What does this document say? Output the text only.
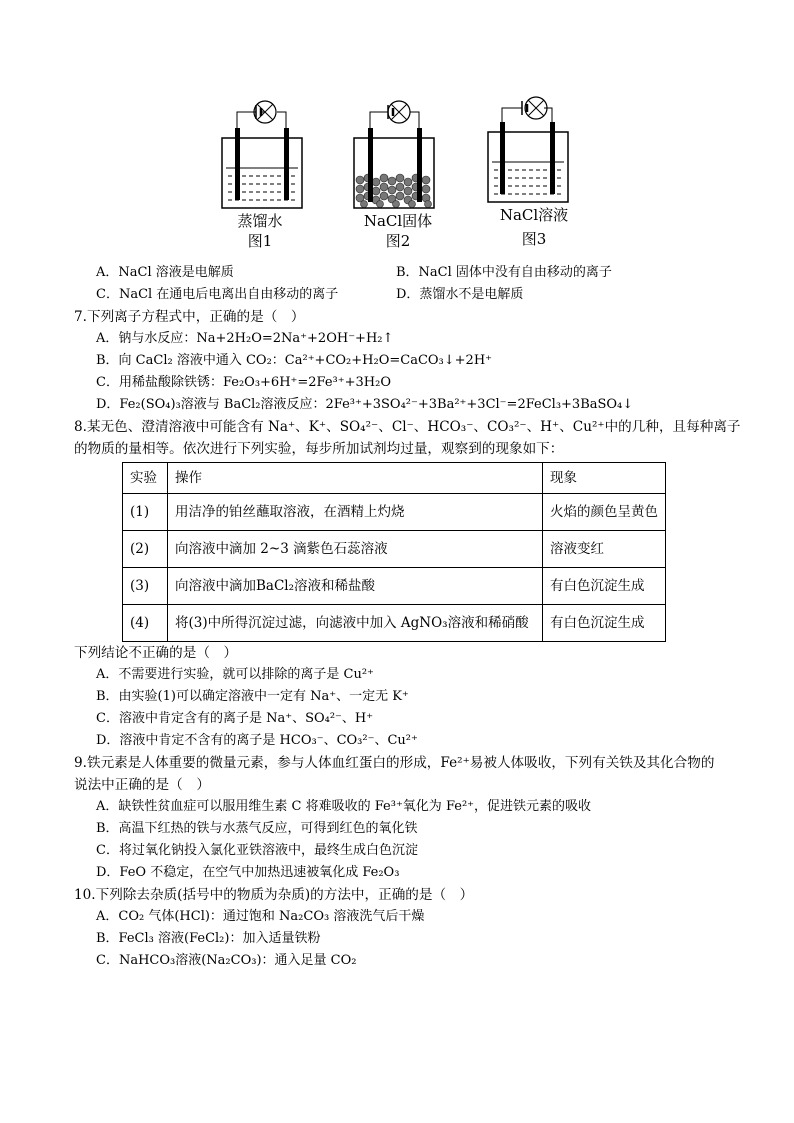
蒸馏水
图1
NaCl固体
图2
NaCl溶液
图3
A．NaCl 溶液是电解质	B．NaCl 固体中没有自由移动的离子
C．NaCl 在通电后电离出自由移动的离子	D．蒸馏水不是电解质
7.下列离子方程式中，正确的是（　）
A．钠与水反应：Na+2H₂O=2Na⁺+2OH⁻+H₂↑
B．向 CaCl₂ 溶液中通入 CO₂：Ca²⁺+CO₂+H₂O=CaCO₃↓+2H⁺
C．用稀盐酸除铁锈：Fe₂O₃+6H⁺=2Fe³⁺+3H₂O
D．Fe₂(SO₄)₃溶液与 BaCl₂溶液反应：2Fe³⁺+3SO₄²⁻+3Ba²⁺+3Cl⁻=2FeCl₃+3BaSO₄↓
8.某无色、澄清溶液中可能含有 Na⁺、K⁺、SO₄²⁻、Cl⁻、HCO₃⁻、CO₃²⁻、H⁺、Cu²⁺中的几种，且每种离子
的物质的量相等。依次进行下列实验，每步所加试剂均过量，观察到的现象如下：
实验	操作	现象
(1)	用洁净的铂丝蘸取溶液，在酒精上灼烧	火焰的颜色呈黄色
(2)	向溶液中滴加 2~3 滴紫色石蕊溶液	溶液变红
(3)	向溶液中滴加BaCl₂溶液和稀盐酸	有白色沉淀生成
(4)	将(3)中所得沉淀过滤，向滤液中加入 AgNO₃溶液和稀硝酸	有白色沉淀生成
下列结论不正确的是（　）
A．不需要进行实验，就可以排除的离子是 Cu²⁺
B．由实验(1)可以确定溶液中一定有 Na⁺、一定无 K⁺
C．溶液中肯定含有的离子是 Na⁺、SO₄²⁻、H⁺
D．溶液中肯定不含有的离子是 HCO₃⁻、CO₃²⁻、Cu²⁺
9.铁元素是人体重要的微量元素，参与人体血红蛋白的形成，Fe²⁺易被人体吸收，下列有关铁及其化合物的
说法中正确的是（　）
A．缺铁性贫血症可以服用维生素 C 将难吸收的 Fe³⁺氧化为 Fe²⁺，促进铁元素的吸收
B．高温下红热的铁与水蒸气反应，可得到红色的氧化铁
C．将过氧化钠投入氯化亚铁溶液中，最终生成白色沉淀
D．FeO 不稳定，在空气中加热迅速被氧化成 Fe₂O₃
10.下列除去杂质(括号中的物质为杂质)的方法中，正确的是（　）
A．CO₂ 气体(HCl)：通过饱和 Na₂CO₃ 溶液洗气后干燥
B．FeCl₃ 溶液(FeCl₂)：加入适量铁粉
C．NaHCO₃溶液(Na₂CO₃)：通入足量 CO₂
